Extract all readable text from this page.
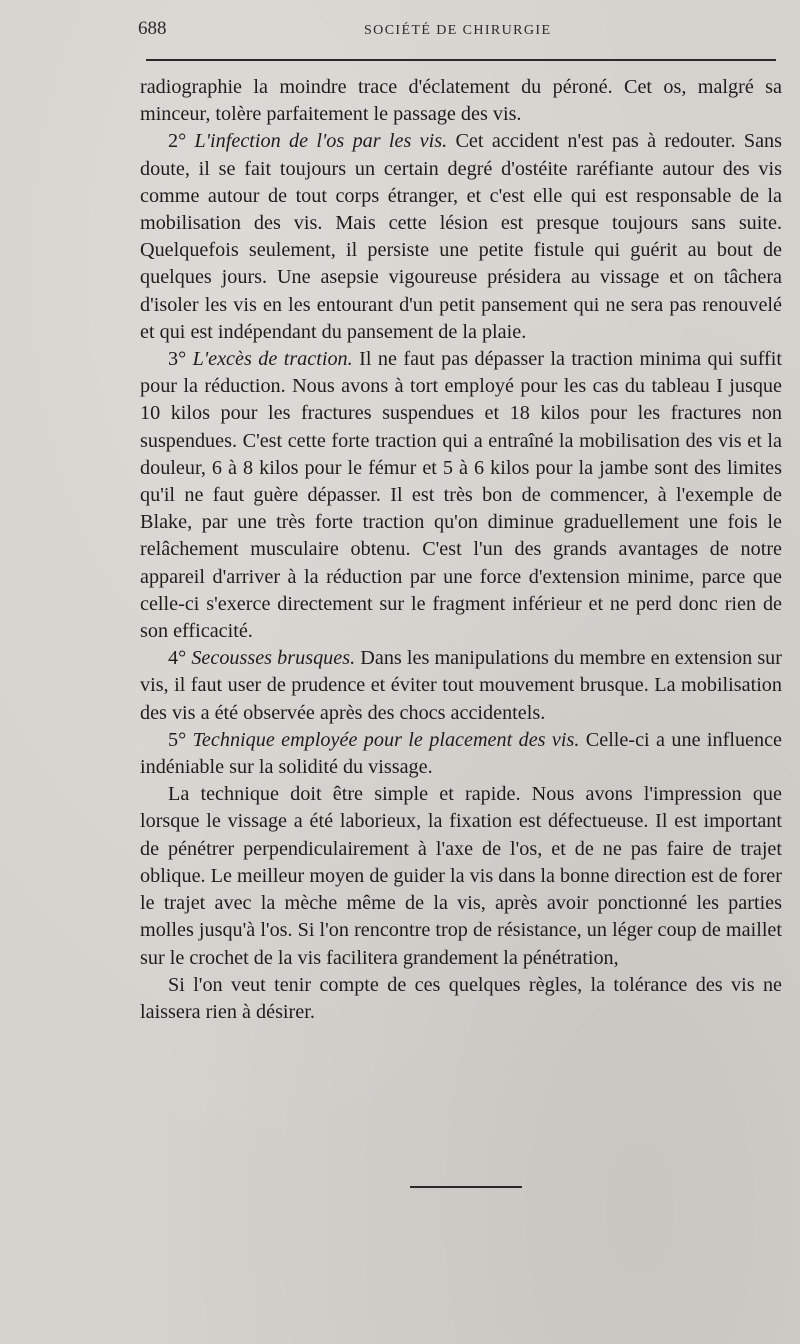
688	SOCIÉTÉ DE CHIRURGIE

radiographie la moindre trace d'éclatement du péroné. Cet os, malgré sa minceur, tolère parfaitement le passage des vis.

2° L'infection de l'os par les vis. Cet accident n'est pas à redouter. Sans doute, il se fait toujours un certain degré d'ostéite raréfiante autour des vis comme autour de tout corps étranger, et c'est elle qui est responsable de la mobilisation des vis. Mais cette lésion est presque toujours sans suite. Quelquefois seulement, il persiste une petite fistule qui guérit au bout de quelques jours. Une asepsie vigoureuse présidera au vissage et on tâchera d'isoler les vis en les entourant d'un petit pansement qui ne sera pas renouvelé et qui est indépendant du pansement de la plaie.

3° L'excès de traction. Il ne faut pas dépasser la traction minima qui suffit pour la réduction. Nous avons à tort employé pour les cas du tableau I jusque 10 kilos pour les fractures suspendues et 18 kilos pour les fractures non suspendues. C'est cette forte traction qui a entraîné la mobilisation des vis et la douleur, 6 à 8 kilos pour le fémur et 5 à 6 kilos pour la jambe sont des limites qu'il ne faut guère dépasser. Il est très bon de commencer, à l'exemple de Blake, par une très forte traction qu'on diminue graduellement une fois le relâchement musculaire obtenu. C'est l'un des grands avantages de notre appareil d'arriver à la réduction par une force d'extension minime, parce que celle-ci s'exerce directement sur le fragment inférieur et ne perd donc rien de son efficacité.

4° Secousses brusques. Dans les manipulations du membre en extension sur vis, il faut user de prudence et éviter tout mouvement brusque. La mobilisation des vis a été observée après des chocs accidentels.

5° Technique employée pour le placement des vis. Celle-ci a une influence indéniable sur la solidité du vissage.

La technique doit être simple et rapide. Nous avons l'impression que lorsque le vissage a été laborieux, la fixation est défectueuse. Il est important de pénétrer perpendiculairement à l'axe de l'os, et de ne pas faire de trajet oblique. Le meilleur moyen de guider la vis dans la bonne direction est de forer le trajet avec la mèche même de la vis, après avoir ponctionné les parties molles jusqu'à l'os. Si l'on rencontre trop de résistance, un léger coup de maillet sur le crochet de la vis facilitera grandement la pénétration,

Si l'on veut tenir compte de ces quelques règles, la tolérance des vis ne laissera rien à désirer.
